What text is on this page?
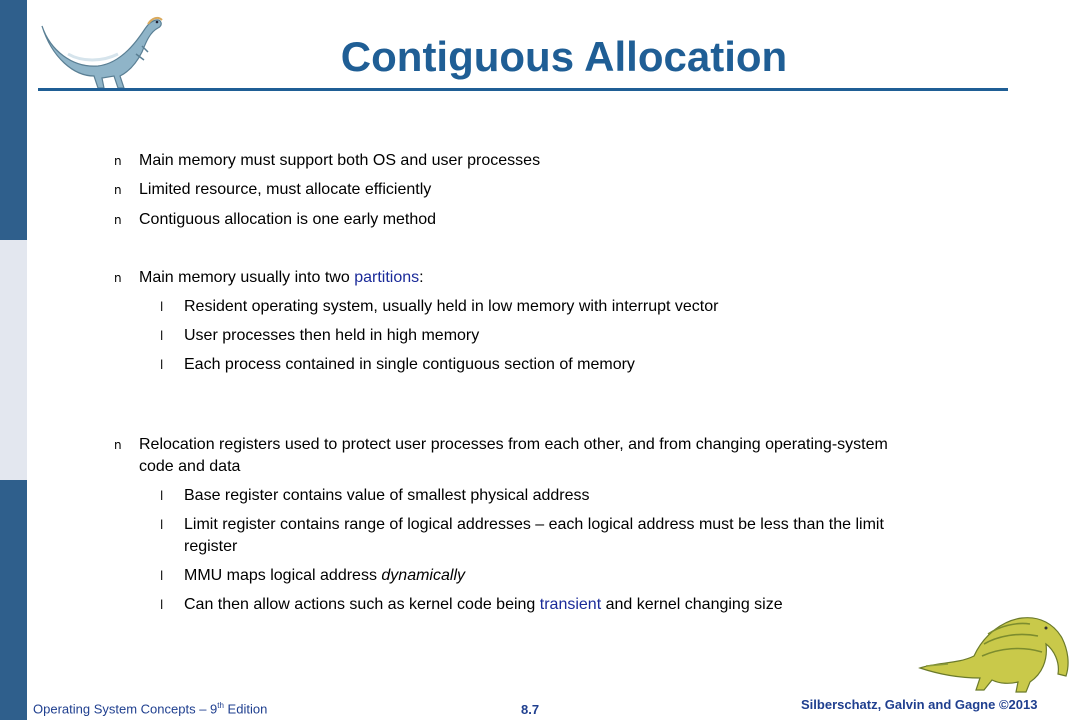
Contiguous Allocation
n Main memory must support both OS and user processes
n Limited resource, must allocate efficiently
n Contiguous allocation is one early method
n Main memory usually into two partitions:
l Resident operating system, usually held in low memory with interrupt vector
l User processes then held in high memory
l Each process contained in single contiguous section of memory
n Relocation registers used to protect user processes from each other, and from changing operating-system
code and data
l Base register contains value of smallest physical address
l Limit register contains range of logical addresses – each logical address must be less than the limit
register
l MMU maps logical address dynamically
l Can then allow actions such as kernel code being transient and kernel changing size
Operating System Concepts – 9th Edition	8.7	Silberschatz, Galvin and Gagne ©2013
